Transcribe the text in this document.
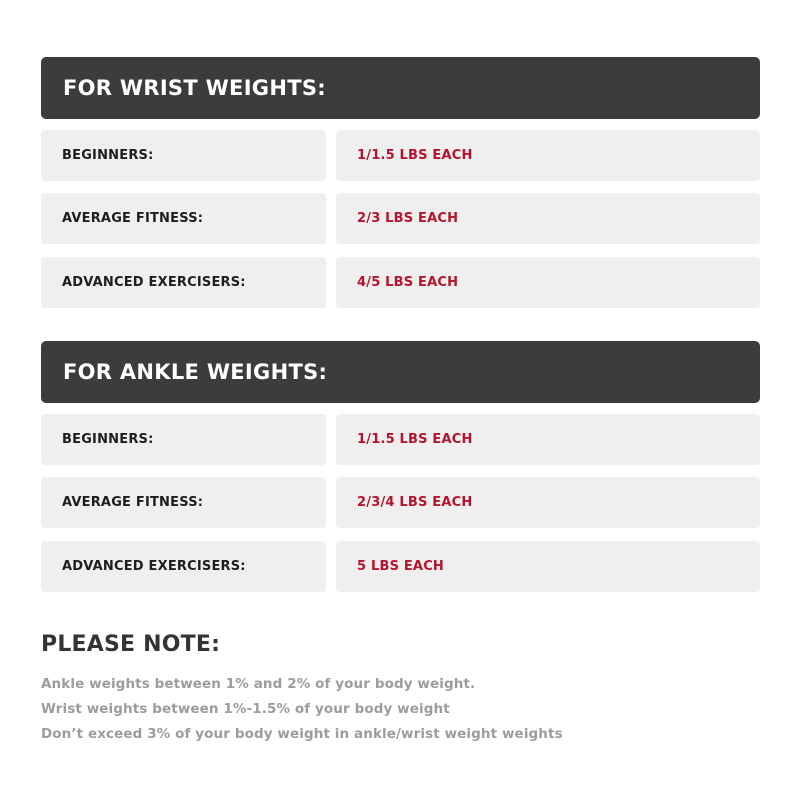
FOR WRIST WEIGHTS:
BEGINNERS:	1/1.5 LBS EACH
AVERAGE FITNESS:	2/3 LBS EACH
ADVANCED EXERCISERS:	4/5 LBS EACH
FOR ANKLE WEIGHTS:
BEGINNERS:	1/1.5 LBS EACH
AVERAGE FITNESS:	2/3/4 LBS EACH
ADVANCED EXERCISERS:	5 LBS EACH
PLEASE NOTE:
Ankle weights between 1% and 2% of your body weight.
Wrist weights between 1%-1.5% of your body weight
Don’t exceed 3% of your body weight in ankle/wrist weight weights
